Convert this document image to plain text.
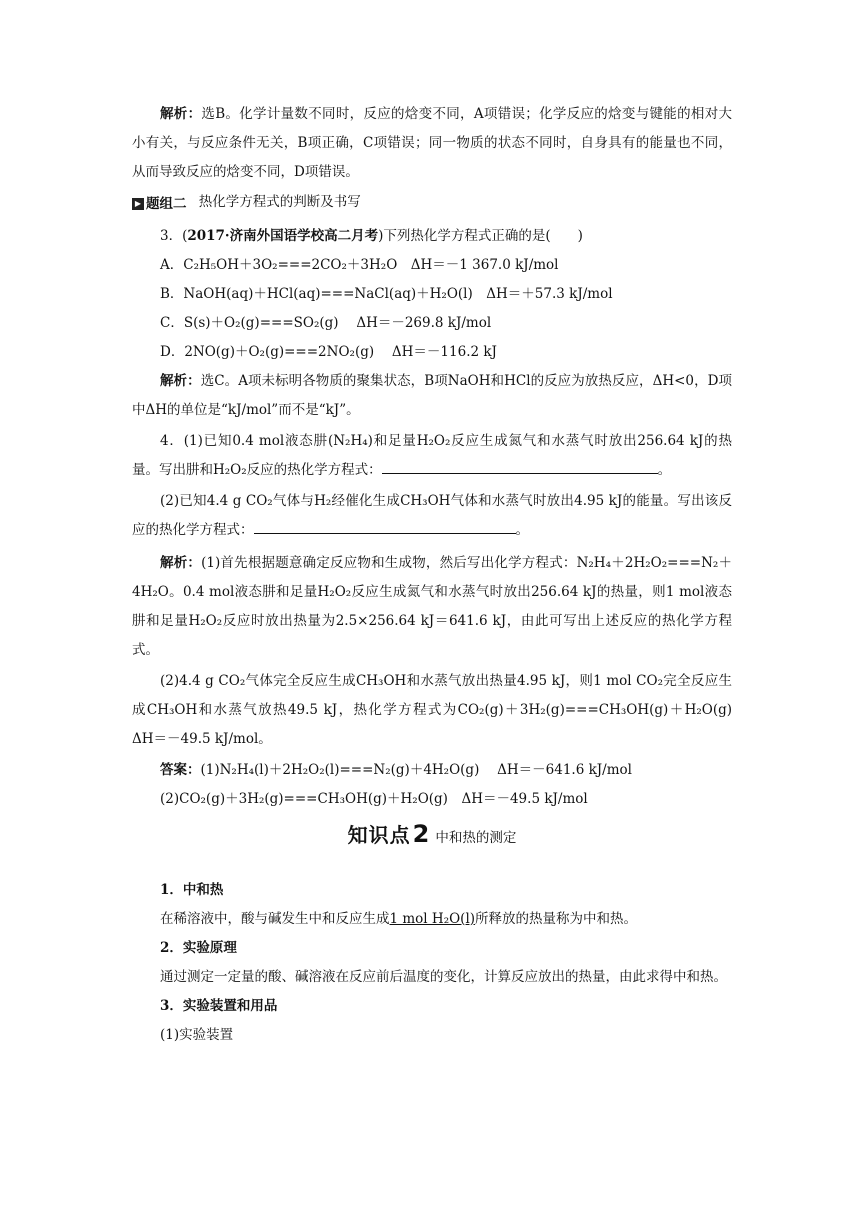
解析：选B。化学计量数不同时，反应的焓变不同，A项错误；化学反应的焓变与键能的相对大小有关，与反应条件无关，B项正确，C项错误；同一物质的状态不同时，自身具有的能量也不同，从而导致反应的焓变不同，D项错误。

▶ 题组二 热化学方程式的判断及书写

3．(2017·济南外国语学校高二月考)下列热化学方程式正确的是(　　)

A．C₂H₅OH＋3O₂===2CO₂＋3H₂O　ΔH＝－1 367.0 kJ/mol

B．NaOH(aq)＋HCl(aq)===NaCl(aq)＋H₂O(l)　ΔH＝＋57.3 kJ/mol

C．S(s)＋O₂(g)===SO₂(g)　 ΔH＝－269.8 kJ/mol

D．2NO(g)＋O₂(g)===2NO₂(g)　 ΔH＝－116.2 kJ

解析：选C。A项未标明各物质的聚集状态，B项NaOH和HCl的反应为放热反应，ΔH<0，D项中ΔH的单位是“kJ/mol”而不是“kJ”。

4．(1)已知0.4 mol液态肼(N₂H₄)和足量H₂O₂反应生成氮气和水蒸气时放出256.64 kJ的热量。写出肼和H₂O₂反应的热化学方程式：	。

(2)已知4.4 g CO₂气体与H₂经催化生成CH₃OH气体和水蒸气时放出4.95 kJ的能量。写出该反应的热化学方程式：	。

解析：(1)首先根据题意确定反应物和生成物，然后写出化学方程式：N₂H₄＋2H₂O₂===N₂＋4H₂O。0.4 mol液态肼和足量H₂O₂反应生成氮气和水蒸气时放出256.64 kJ的热量，则1 mol液态肼和足量H₂O₂反应时放出热量为2.5×256.64 kJ＝641.6 kJ，由此可写出上述反应的热化学方程式。

(2)4.4 g CO₂气体完全反应生成CH₃OH和水蒸气放出热量4.95 kJ，则1 mol CO₂完全反应生成CH₃OH和水蒸气放热49.5 kJ，热化学方程式为CO₂(g)＋3H₂(g)===CH₃OH(g)＋H₂O(g)　ΔH＝－49.5 kJ/mol。

答案：(1)N₂H₄(l)＋2H₂O₂(l)===N₂(g)＋4H₂O(g)　 ΔH＝－641.6 kJ/mol

(2)CO₂(g)＋3H₂(g)===CH₃OH(g)＋H₂O(g)　ΔH＝－49.5 kJ/mol

知识点2 中和热的测定

1．中和热

在稀溶液中，酸与碱发生中和反应生成1 mol H₂O(l)所释放的热量称为中和热。

2．实验原理

通过测定一定量的酸、碱溶液在反应前后温度的变化，计算反应放出的热量，由此求得中和热。

3．实验装置和用品

(1)实验装置
